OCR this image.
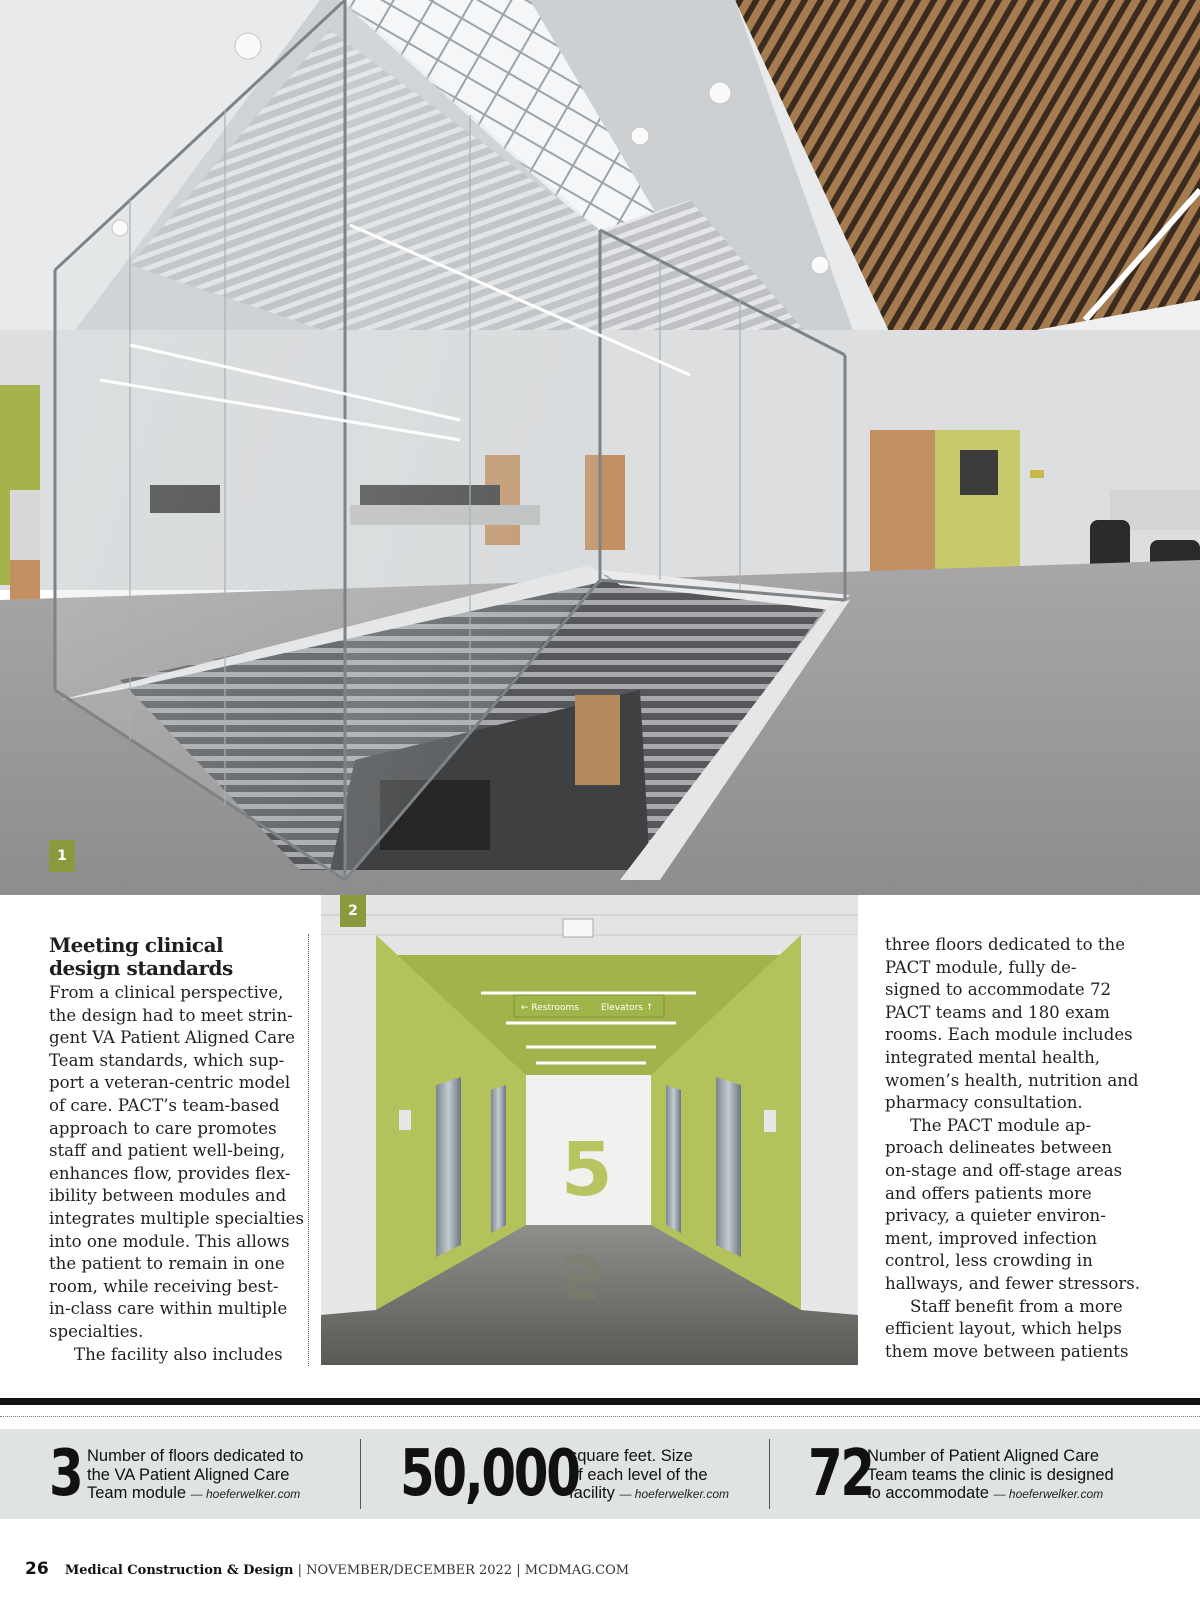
1
Meeting clinical
design standards

From a clinical perspective,
the design had to meet strin-
gent VA Patient Aligned Care
Team standards, which sup-
port a veteran-centric model
of care. PACT’s team-based
approach to care promotes
staff and patient well-being,
enhances flow, provides flex-
ibility between modules and
integrates multiple specialties
into one module. This allows
the patient to remain in one
room, while receiving best-
in-class care within multiple
specialties.
The facility also includes

← Restrooms Elevators ↑
5
5
2

three floors dedicated to the
PACT module, fully de-
signed to accommodate 72
PACT teams and 180 exam
rooms. Each module includes
integrated mental health,
women’s health, nutrition and
pharmacy consultation.
The PACT module ap-
proach delineates between
on-stage and off-stage areas
and offers patients more
privacy, a quieter environ-
ment, improved infection
control, less crowding in
hallways, and fewer stressors.
Staff benefit from a more
efficient layout, which helps
them move between patients

3 Number of floors dedicated to
the VA Patient Aligned Care
Team module — hoeferwelker.com 50,000
square feet. Size
of each level of the
facility — hoeferwelker.com 72
Number of Patient Aligned Care
Team teams the clinic is designed
to accommodate — hoeferwelker.com
26 Medical Construction & Design | NOVEMBER/DECEMBER 2022 | MCDMAG.COM
